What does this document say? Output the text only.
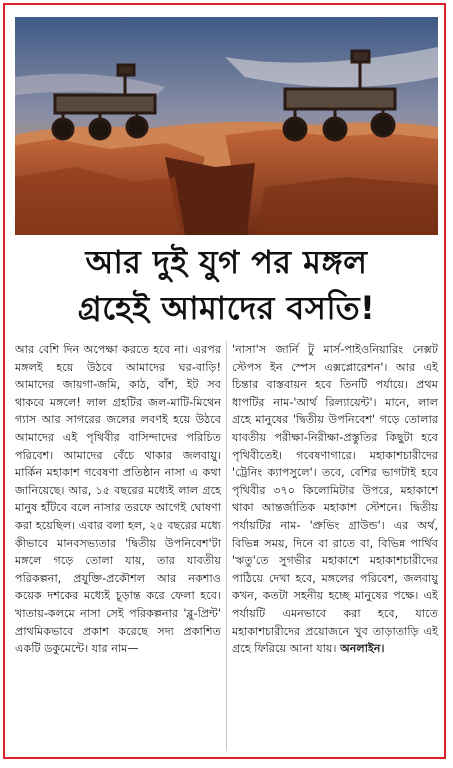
আর দুই যুগ পর মঙ্গল
গ্রহেই আমাদের বসতি!

আর বেশি দিন অপেক্ষা করতে হবে না। এরপর মঙ্গলই হয়ে উঠবে আমাদের ঘর-বাড়ি! আমাদের জায়গা-জমি, কাঠ, বাঁশ, ইট সব থাকবে মঙ্গলে! লাল গ্রহটির জল-মাটি-মিথেন গ্যাস আর সাগরের জলের লবণই হয়ে উঠবে আমাদের এই পৃথিবীর বাসিন্দাদের পরিচিত পরিবেশ। আমাদের বেঁচে থাকার জলবায়ু। মার্কিন মহাকাশ গবেষণা প্রতিষ্ঠান নাসা এ কথা জানিয়েছে। আর, ১৫ বছরের মধ্যেই লাল গ্রহে মানুষ হাঁটবে বলে নাসার তরফে আগেই ঘোষণা করা হয়েছিল। এবার বলা হল, ২৫ বছরের মধ্যে কীভাবে মানবসভ্যতার 'দ্বিতীয় উপনিবেশ'টা মঙ্গলে গড়ে তোলা যায়, তার যাবতীয় পরিকল্পনা, প্রযুক্তি-প্রকৌশল আর নকশাও কয়েক দশকের মধ্যেই চূড়ান্ত করে ফেলা হবে। খাতায়-কলমে নাসা সেই পরিকল্পনার 'ব্লু-প্রিন্ট' প্রাথমিকভাবে প্রকাশ করেছে সদ্য প্রকাশিত একটি ডকুমেন্টে। যার নাম—

'নাসা'স জার্নি টু মার্স-পাইওনিয়ারিং নেক্সট স্টেপস ইন স্পেস এক্সপ্লোরেশন'। আর এই চিন্তার বাস্তবায়ন হবে তিনটি পর্যায়ে। প্রথম ধাপটির নাম-'আর্থ রিল্যায়েন্ট'। মানে, লাল গ্রহে মানুষের 'দ্বিতীয় উপনিবেশ' গড়ে তোলার যাবতীয় পরীক্ষা-নিরীক্ষা-প্রস্তুতির কিছুটা হবে পৃথিবীতেই। গবেষণাগারে। মহাকাশচারীদের 'ট্রেনিং ক্যাপসুলে'। তবে, বেশির ভাগটাই হবে পৃথিবীর ৩৭০ কিলোমিটার উপরে, মহাকাশে থাকা আন্তর্জাতিক মহাকাশ স্টেশনে। দ্বিতীয় পর্যায়টির নাম- 'প্রুভিং গ্রাউন্ড'। এর অর্থ, বিভিন্ন সময়, দিনে বা রাতে বা, বিভিন্ন পার্থিব 'ঋতু'তে সুগভীর মহাকাশে মহাকাশচারীদের পাঠিয়ে দেখা হবে, মঙ্গলের পরিবেশ, জলবায়ু কখন, কতটা সহনীয় হচ্ছে মানুষের পক্ষে। এই পর্যায়টি এমনভাবে করা হবে, যাতে মহাকাশচারীদের প্রয়োজনে খুব তাড়াতাড়ি এই গ্রহে ফিরিয়ে আনা যায়। অনলাইন।
